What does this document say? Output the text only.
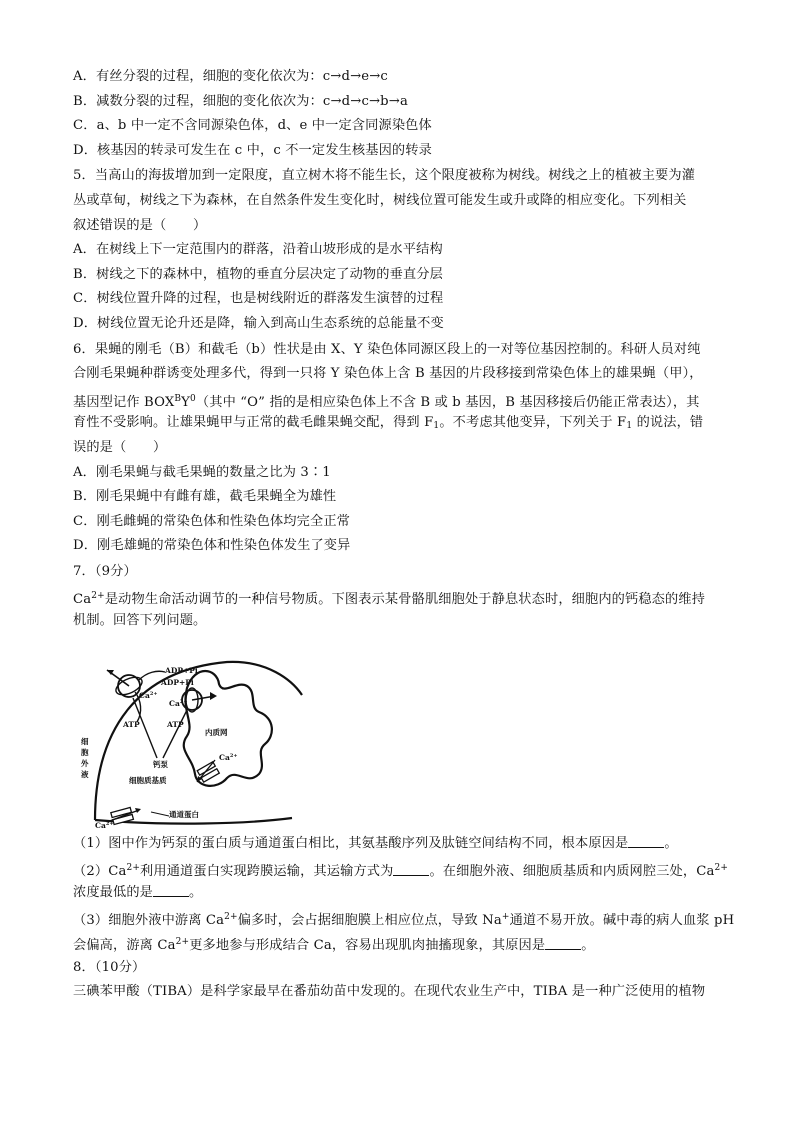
A．有丝分裂的过程，细胞的变化依次为：c→d→e→c
B．减数分裂的过程，细胞的变化依次为：c→d→c→b→a
C．a、b 中一定不含同源染色体，d、e 中一定含同源染色体
D．核基因的转录可发生在 c 中，c 不一定发生核基因的转录
5．当高山的海拔增加到一定限度，直立树木将不能生长，这个限度被称为树线。树线之上的植被主要为灌
丛或草甸，树线之下为森林，在自然条件发生变化时，树线位置可能发生或升或降的相应变化。下列相关
叙述错误的是（　　）
A．在树线上下一定范围内的群落，沿着山坡形成的是水平结构
B．树线之下的森林中，植物的垂直分层决定了动物的垂直分层
C．树线位置升降的过程，也是树线附近的群落发生演替的过程
D．树线位置无论升还是降，输入到高山生态系统的总能量不变
6．果蝇的刚毛（B）和截毛（b）性状是由 X、Y 染色体同源区段上的一对等位基因控制的。科研人员对纯
合刚毛果蝇种群诱变处理多代，得到一只将 Y 染色体上含 B 基因的片段移接到常染色体上的雄果蝇（甲），
基因型记作 $BOX^BY^0$（其中 “O” 指的是相应染色体上不含 B 或 b 基因，B 基因移接后仍能正常表达），其
育性不受影响。让雄果蝇甲与正常的截毛雌果蝇交配，得到 $F_1$。不考虑其他变异，下列关于 $F_1$ 的说法，错
误的是（　　）
A．刚毛果蝇与截毛果蝇的数量之比为 3∶1
B．刚毛果蝇中有雌有雄，截毛果蝇全为雄性
C．刚毛雌蝇的常染色体和性染色体均完全正常
D．刚毛雄蝇的常染色体和性染色体发生了变异
7．（9分）
$Ca^{2+}$是动物生命活动调节的一种信号物质。下图表示某骨骼肌细胞处于静息状态时，细胞内的钙稳态的维持
机制。回答下列问题。
ADP+Pi
ADP+Pi
$Ca^{2+}$
$Ca^{2+}$
ATP	ATP
内质网
$Ca^{2+}$
钙泵
细胞质基质
通道蛋白
$Ca^{2+}$
细胞外液
（1）图中作为钙泵的蛋白质与通道蛋白相比，其氨基酸序列及肽链空间结构不同，根本原因是	。
$(2)Ca^{2+}$利用通道蛋白实现跨膜运输，其运输方式为	。在细胞外液、细胞质基质和内质网腔三处，$Ca^{2+}$
浓度最低的是	。
（3）细胞外液中游离 $Ca^{2+}$偏多时，会占据细胞膜上相应位点，导致 Na+通道不易开放。碱中毒的病人血浆 pH
会偏高，游离 $Ca^{2+}$更多地参与形成结合 Ca，容易出现肌肉抽搐现象，其原因是	。
8．（10分）
三碘苯甲酸（TIBA）是科学家最早在番茄幼苗中发现的。在现代农业生产中，TIBA 是一种广泛使用的植物
